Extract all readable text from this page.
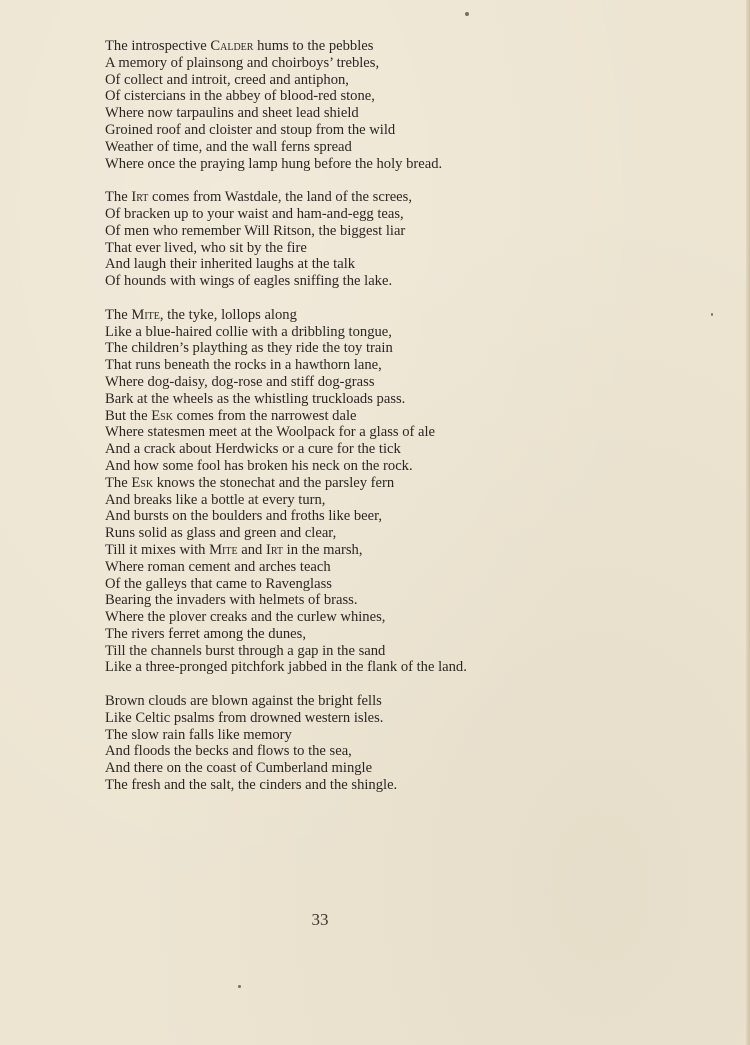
The introspective Calder hums to the pebbles
A memory of plainsong and choirboys’ trebles,
Of collect and introit, creed and antiphon,
Of cistercians in the abbey of blood-red stone,
Where now tarpaulins and sheet lead shield
Groined roof and cloister and stoup from the wild
Weather of time, and the wall ferns spread
Where once the praying lamp hung before the holy bread.
The Irt comes from Wastdale, the land of the screes,
Of bracken up to your waist and ham-and-egg teas,
Of men who remember Will Ritson, the biggest liar
That ever lived, who sit by the fire
And laugh their inherited laughs at the talk
Of hounds with wings of eagles sniffing the lake.
The Mite, the tyke, lollops along
Like a blue-haired collie with a dribbling tongue,
The children’s plaything as they ride the toy train
That runs beneath the rocks in a hawthorn lane,
Where dog-daisy, dog-rose and stiff dog-grass
Bark at the wheels as the whistling truckloads pass.
But the Esk comes from the narrowest dale
Where statesmen meet at the Woolpack for a glass of ale
And a crack about Herdwicks or a cure for the tick
And how some fool has broken his neck on the rock.
The Esk knows the stonechat and the parsley fern
And breaks like a bottle at every turn,
And bursts on the boulders and froths like beer,
Runs solid as glass and green and clear,
Till it mixes with Mite and Irt in the marsh,
Where roman cement and arches teach
Of the galleys that came to Ravenglass
Bearing the invaders with helmets of brass.
Where the plover creaks and the curlew whines,
The rivers ferret among the dunes,
Till the channels burst through a gap in the sand
Like a three-pronged pitchfork jabbed in the flank of the land.
Brown clouds are blown against the bright fells
Like Celtic psalms from drowned western isles.
The slow rain falls like memory
And floods the becks and flows to the sea,
And there on the coast of Cumberland mingle
The fresh and the salt, the cinders and the shingle.
33
